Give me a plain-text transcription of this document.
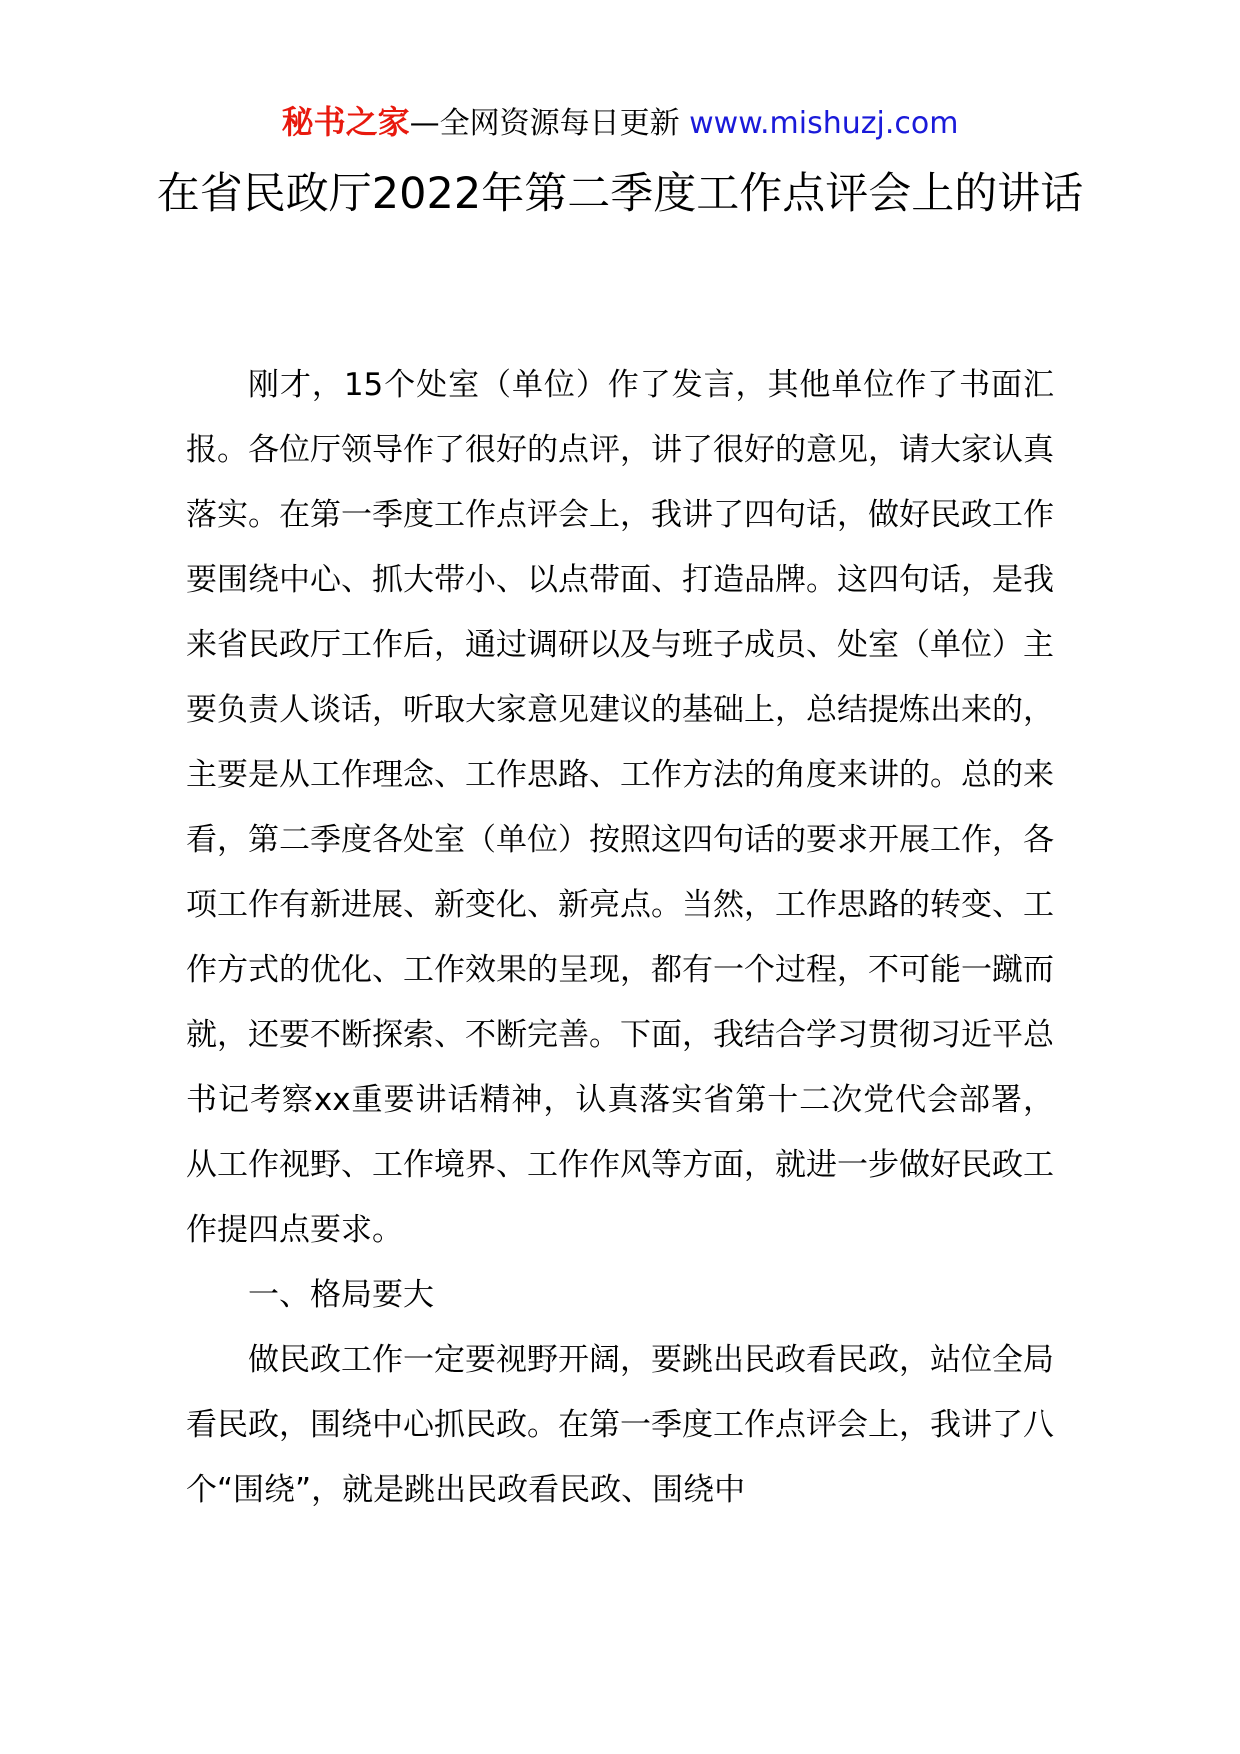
秘书之家—全网资源每日更新 www.mishuzj.com
在省民政厅2022年第二季度工作点评会上的讲话

刚才，15个处室（单位）作了发言，其他单位作了书面汇报。各位厅领导作了很好的点评，讲了很好的意见，请大家认真落实。在第一季度工作点评会上，我讲了四句话，做好民政工作要围绕中心、抓大带小、以点带面、打造品牌。这四句话，是我来省民政厅工作后，通过调研以及与班子成员、处室（单位）主要负责人谈话，听取大家意见建议的基础上，总结提炼出来的，主要是从工作理念、工作思路、工作方法的角度来讲的。总的来看，第二季度各处室（单位）按照这四句话的要求开展工作，各项工作有新进展、新变化、新亮点。当然，工作思路的转变、工作方式的优化、工作效果的呈现，都有一个过程，不可能一蹴而就，还要不断探索、不断完善。下面，我结合学习贯彻习近平总书记考察xx重要讲话精神，认真落实省第十二次党代会部署，从工作视野、工作境界、工作作风等方面，就进一步做好民政工作提四点要求。

一、格局要大

做民政工作一定要视野开阔，要跳出民政看民政，站位全局看民政，围绕中心抓民政。在第一季度工作点评会上，我讲了八个“围绕”，就是跳出民政看民政、围绕中
